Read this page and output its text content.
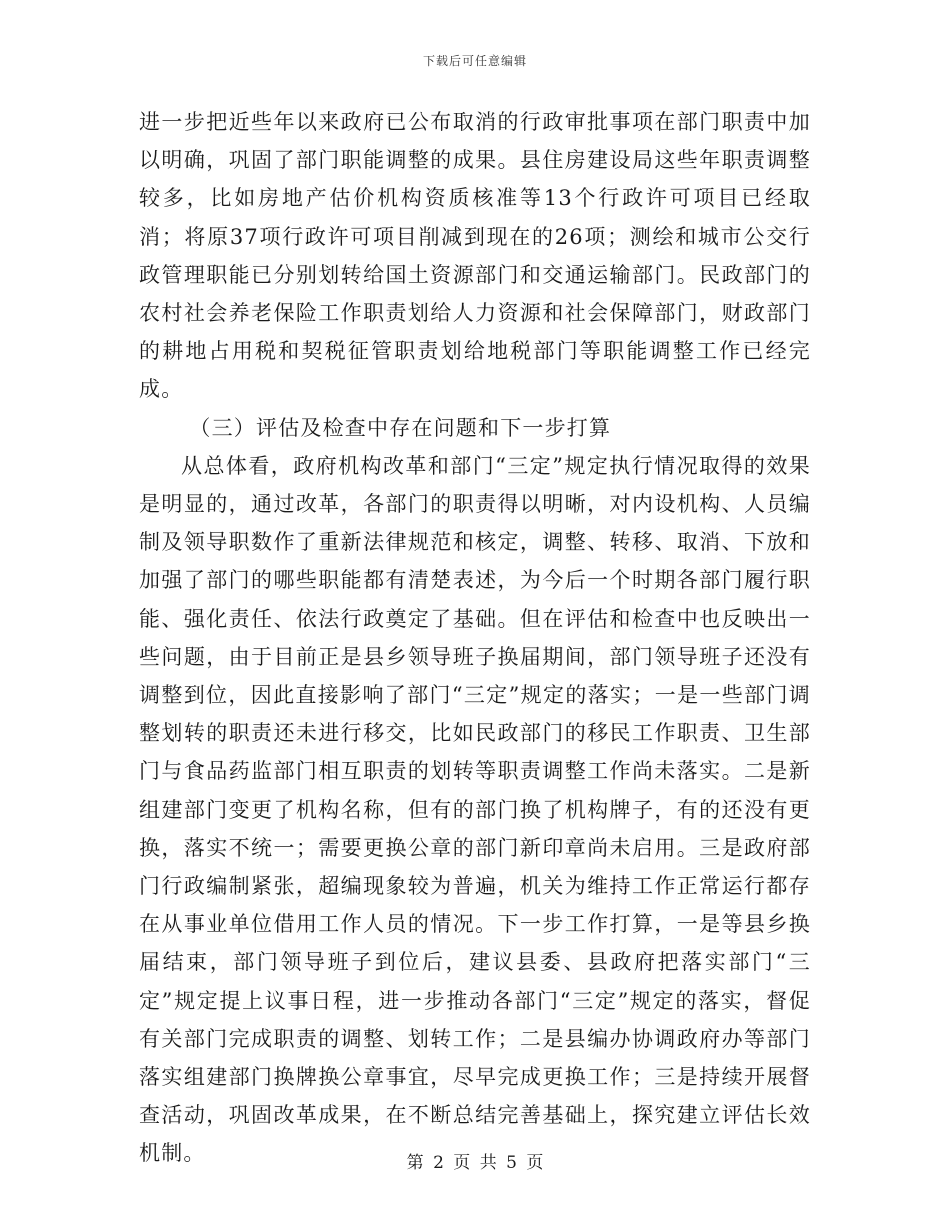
下载后可任意编辑

进一步把近些年以来政府已公布取消的行政审批事项在部门职责中加以明确，巩固了部门职能调整的成果。县住房建设局这些年职责调整较多，比如房地产估价机构资质核准等13个行政许可项目已经取消；将原37项行政许可项目削减到现在的26项；测绘和城市公交行政管理职能已分别划转给国土资源部门和交通运输部门。民政部门的农村社会养老保险工作职责划给人力资源和社会保障部门，财政部门的耕地占用税和契税征管职责划给地税部门等职能调整工作已经完成。

（三）评估及检查中存在问题和下一步打算

从总体看，政府机构改革和部门“三定”规定执行情况取得的效果是明显的，通过改革，各部门的职责得以明晰，对内设机构、人员编制及领导职数作了重新法律规范和核定，调整、转移、取消、下放和加强了部门的哪些职能都有清楚表述，为今后一个时期各部门履行职能、强化责任、依法行政奠定了基础。但在评估和检查中也反映出一些问题，由于目前正是县乡领导班子换届期间，部门领导班子还没有调整到位，因此直接影响了部门“三定”规定的落实；一是一些部门调整划转的职责还未进行移交，比如民政部门的移民工作职责、卫生部门与食品药监部门相互职责的划转等职责调整工作尚未落实。二是新组建部门变更了机构名称，但有的部门换了机构牌子，有的还没有更换，落实不统一；需要更换公章的部门新印章尚未启用。三是政府部门行政编制紧张，超编现象较为普遍，机关为维持工作正常运行都存在从事业单位借用工作人员的情况。下一步工作打算，一是等县乡换届结束，部门领导班子到位后，建议县委、县政府把落实部门“三定”规定提上议事日程，进一步推动各部门“三定”规定的落实，督促有关部门完成职责的调整、划转工作；二是县编办协调政府办等部门落实组建部门换牌换公章事宜，尽早完成更换工作；三是持续开展督查活动，巩固改革成果，在不断总结完善基础上，探究建立评估长效机制。	第 2 页 共 5 页
